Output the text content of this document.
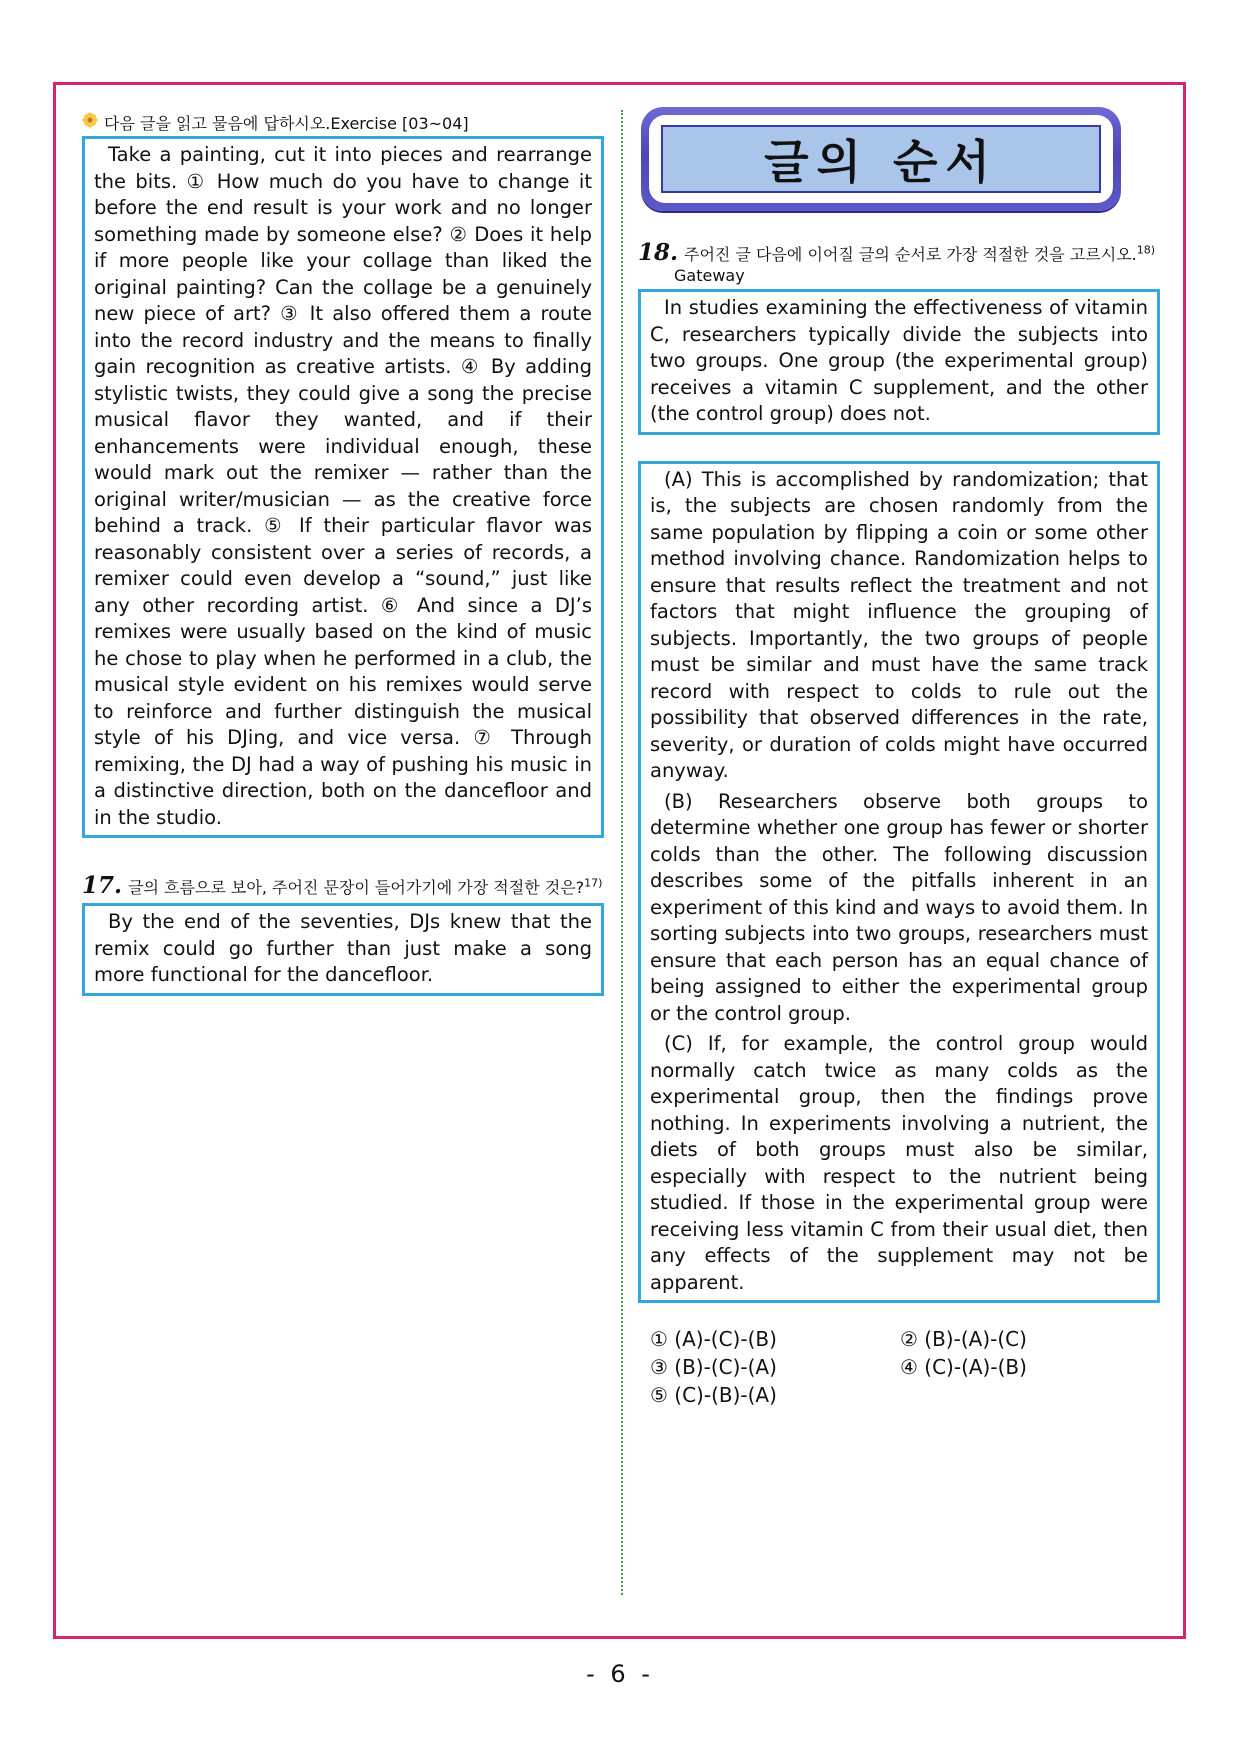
다음 글을 읽고 물음에 답하시오.Exercise [03~04]

Take a painting, cut it into pieces and rearrange the bits. ① How much do you have to change it before the end result is your work and no longer something made by someone else? ② Does it help if more people like your collage than liked the original painting? Can the collage be a genuinely new piece of art? ③ It also offered them a route into the record industry and the means to finally gain recognition as creative artists. ④ By adding stylistic twists, they could give a song the precise musical flavor they wanted, and if their enhancements were individual enough, these would mark out the remixer — rather than the original writer/musician — as the creative force behind a track. ⑤ If their particular flavor was reasonably consistent over a series of records, a remixer could even develop a “sound,” just like any other recording artist. ⑥ And since a DJ’s remixes were usually based on the kind of music he chose to play when he performed in a club, the musical style evident on his remixes would serve to reinforce and further distinguish the musical style of his DJing, and vice versa. ⑦ Through remixing, the DJ had a way of pushing his music in a distinctive direction, both on the dancefloor and in the studio.

17. 글의 흐름으로 보아, 주어진 문장이 들어가기에 가장 적절한 것은?$^{17)}$

By the end of the seventies, DJs knew that the remix could go further than just make a song more functional for the dancefloor.

글의 순서
18. 주어진 글 다음에 이어질 글의 순서로 가장 적절한 것을 고르시오.$^{18)}$
Gateway

In studies examining the effectiveness of vitamin C, researchers typically divide the subjects into two groups. One group (the experimental group) receives a vitamin C supplement, and the other (the control group) does not.

(A) This is accomplished by randomization; that is, the subjects are chosen randomly from the same population by flipping a coin or some other method involving chance. Randomization helps to ensure that results reflect the treatment and not factors that might influence the grouping of subjects. Importantly, the two groups of people must be similar and must have the same track record with respect to colds to rule out the possibility that observed differences in the rate, severity, or duration of colds might have occurred anyway.

(B) Researchers observe both groups to determine whether one group has fewer or shorter colds than the other. The following discussion describes some of the pitfalls inherent in an experiment of this kind and ways to avoid them. In sorting subjects into two groups, researchers must ensure that each person has an equal chance of being assigned to either the experimental group or the control group.

(C) If, for example, the control group would normally catch twice as many colds as the experimental group, then the findings prove nothing. In experiments involving a nutrient, the diets of both groups must also be similar, especially with respect to the nutrient being studied. If those in the experimental group were receiving less vitamin C from their usual diet, then any effects of the supplement may not be apparent.

① (A)-(C)-(B)	② (B)-(A)-(C)
③ (B)-(C)-(A)	④ (C)-(A)-(B)
⑤ (C)-(B)-(A)
- 6 -
